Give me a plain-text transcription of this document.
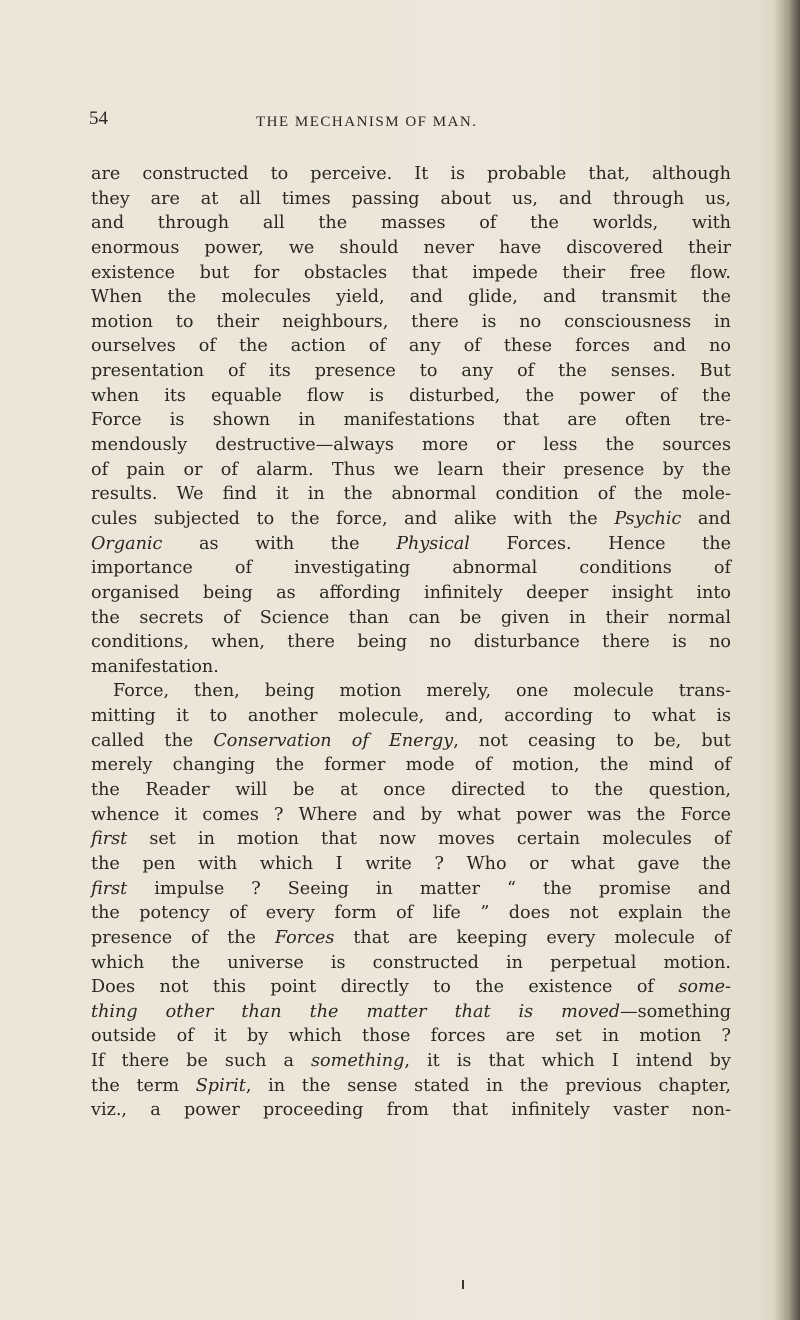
54	THE MECHANISM OF MAN.
are constructed to perceive. It is probable that, although
they are at all times passing about us, and through us,
and through all the masses of the worlds, with
enormous power, we should never have discovered their
existence but for obstacles that impede their free flow.
When the molecules yield, and glide, and transmit the
motion to their neighbours, there is no consciousness in
ourselves of the action of any of these forces and no
presentation of its presence to any of the senses. But
when its equable flow is disturbed, the power of the
Force is shown in manifestations that are often tre-
mendously destructive—always more or less the sources
of pain or of alarm. Thus we learn their presence by the
results. We find it in the abnormal condition of the mole-
cules subjected to the force, and alike with the Psychic and
Organic as with the Physical Forces. Hence the
importance of investigating abnormal conditions of
organised being as affording infinitely deeper insight into
the secrets of Science than can be given in their normal
conditions, when, there being no disturbance there is no
manifestation.
Force, then, being motion merely, one molecule trans-
mitting it to another molecule, and, according to what is
called the Conservation of Energy, not ceasing to be, but
merely changing the former mode of motion, the mind of
the Reader will be at once directed to the question,
whence it comes ? Where and by what power was the Force
first set in motion that now moves certain molecules of
the pen with which I write ? Who or what gave the
first impulse ? Seeing in matter “ the promise and
the potency of every form of life ” does not explain the
presence of the Forces that are keeping every molecule of
which the universe is constructed in perpetual motion.
Does not this point directly to the existence of some-
thing other than the matter that is moved—something
outside of it by which those forces are set in motion ?
If there be such a something, it is that which I intend by
the term Spirit, in the sense stated in the previous chapter,
viz., a power proceeding from that infinitely vaster non-
